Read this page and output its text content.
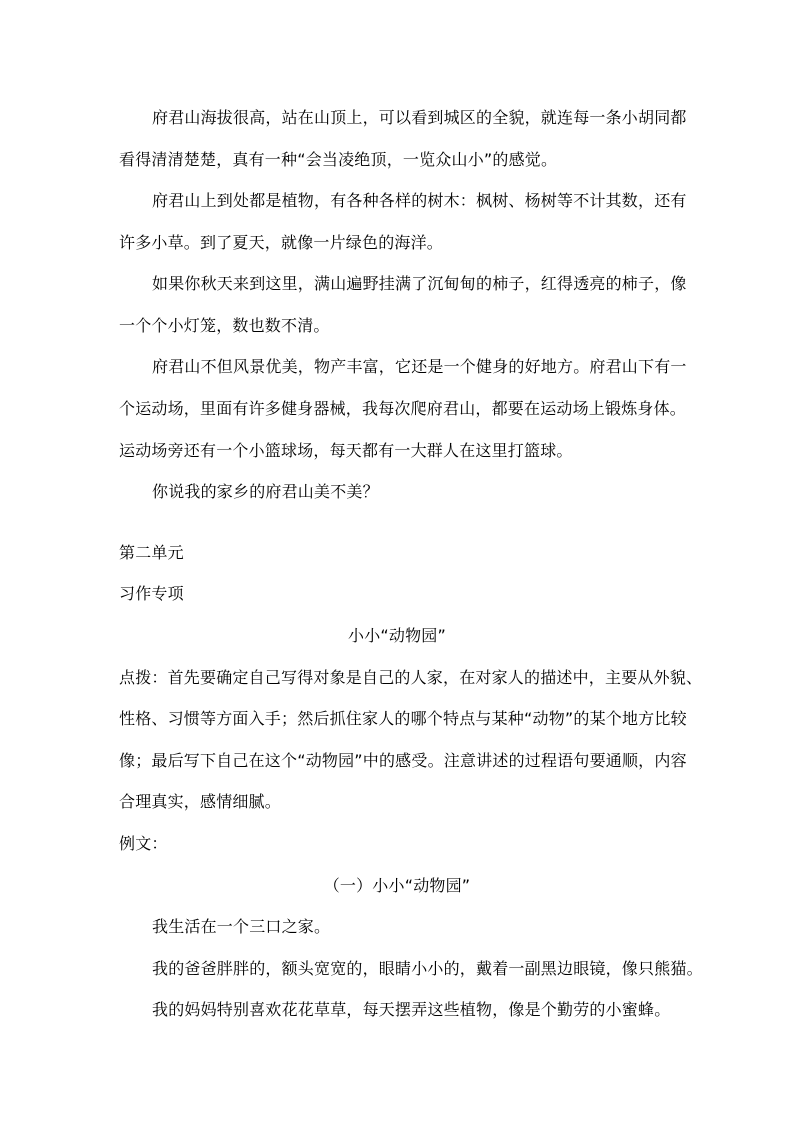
府君山海拔很高，站在山顶上，可以看到城区的全貌，就连每一条小胡同都
看得清清楚楚，真有一种“会当凌绝顶，一览众山小”的感觉。
府君山上到处都是植物，有各种各样的树木：枫树、杨树等不计其数，还有
许多小草。到了夏天，就像一片绿色的海洋。
如果你秋天来到这里，满山遍野挂满了沉甸甸的柿子，红得透亮的柿子，像
一个个小灯笼，数也数不清。
府君山不但风景优美，物产丰富，它还是一个健身的好地方。府君山下有一
个运动场，里面有许多健身器械，我每次爬府君山，都要在运动场上锻炼身体。
运动场旁还有一个小篮球场，每天都有一大群人在这里打篮球。
你说我的家乡的府君山美不美？
第二单元
习作专项
小小“动物园”
点拨：首先要确定自己写得对象是自己的人家，在对家人的描述中，主要从外貌、
性格、习惯等方面入手；然后抓住家人的哪个特点与某种“动物”的某个地方比较
像；最后写下自己在这个“动物园”中的感受。注意讲述的过程语句要通顺，内容
合理真实，感情细腻。
例文：
（一）小小“动物园”
我生活在一个三口之家。
我的爸爸胖胖的，额头宽宽的，眼睛小小的，戴着一副黑边眼镜，像只熊猫。
我的妈妈特别喜欢花花草草，每天摆弄这些植物，像是个勤劳的小蜜蜂。
